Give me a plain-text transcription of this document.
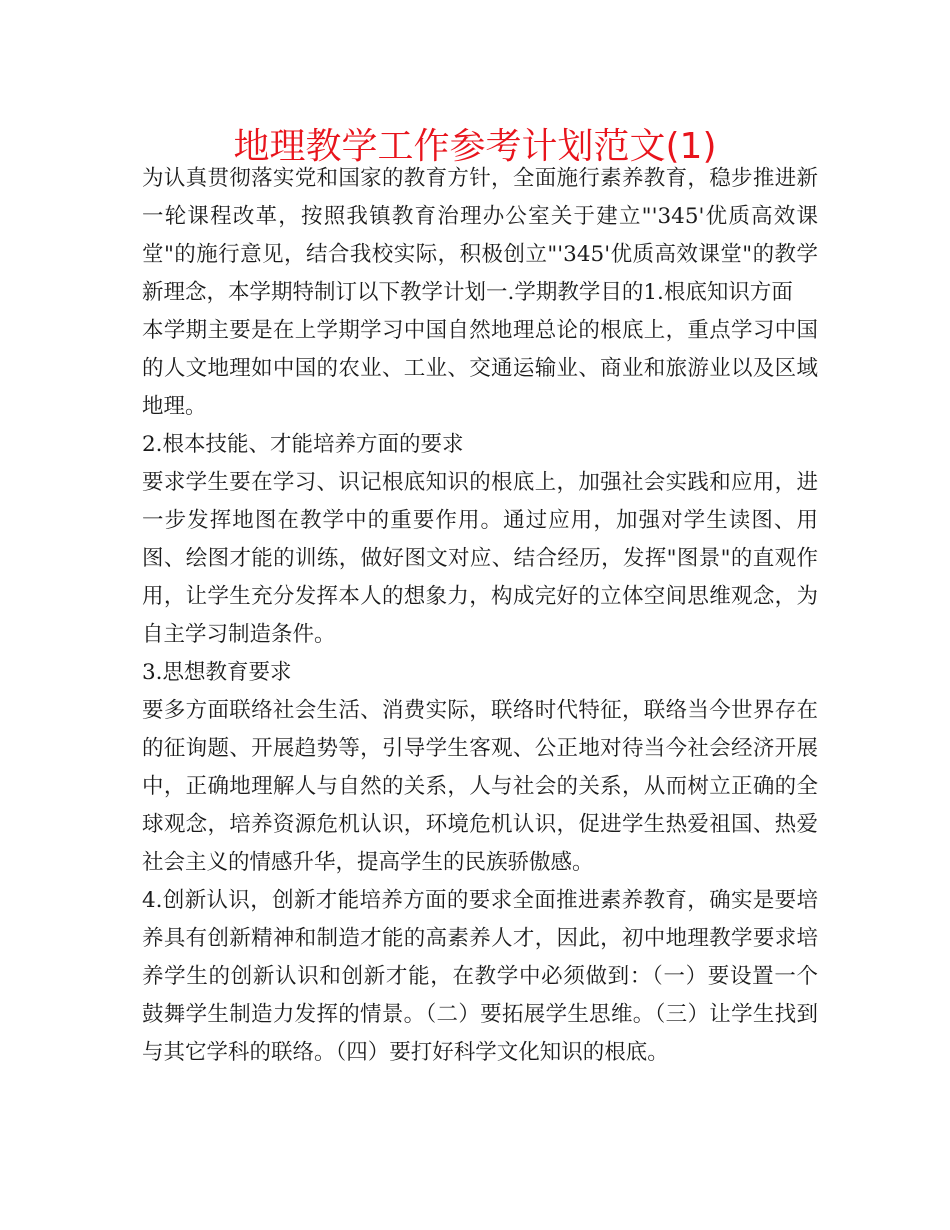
地理教学工作参考计划范文(1)

为认真贯彻落实党和国家的教育方针，全面施行素养教育，稳步推进新一轮课程改革，按照我镇教育治理办公室关于建立"'345'优质高效课堂"的施行意见，结合我校实际，积极创立"'345'优质高效课堂"的教学新理念，本学期特制订以下教学计划一.学期教学目的1.根底知识方面

本学期主要是在上学期学习中国自然地理总论的根底上，重点学习中国的人文地理如中国的农业、工业、交通运输业、商业和旅游业以及区域地理。

2.根本技能、才能培养方面的要求

要求学生要在学习、识记根底知识的根底上，加强社会实践和应用，进一步发挥地图在教学中的重要作用。通过应用，加强对学生读图、用图、绘图才能的训练，做好图文对应、结合经历，发挥"图景"的直观作用，让学生充分发挥本人的想象力，构成完好的立体空间思维观念，为自主学习制造条件。

3.思想教育要求

要多方面联络社会生活、消费实际，联络时代特征，联络当今世界存在的征询题、开展趋势等，引导学生客观、公正地对待当今社会经济开展中，正确地理解人与自然的关系，人与社会的关系，从而树立正确的全球观念，培养资源危机认识，环境危机认识，促进学生热爱祖国、热爱社会主义的情感升华，提高学生的民族骄傲感。

4.创新认识，创新才能培养方面的要求全面推进素养教育，确实是要培养具有创新精神和制造才能的高素养人才，因此，初中地理教学要求培养学生的创新认识和创新才能，在教学中必须做到：（一）要设置一个鼓舞学生制造力发挥的情景。（二）要拓展学生思维。（三）让学生找到与其它学科的联络。（四）要打好科学文化知识的根底。
